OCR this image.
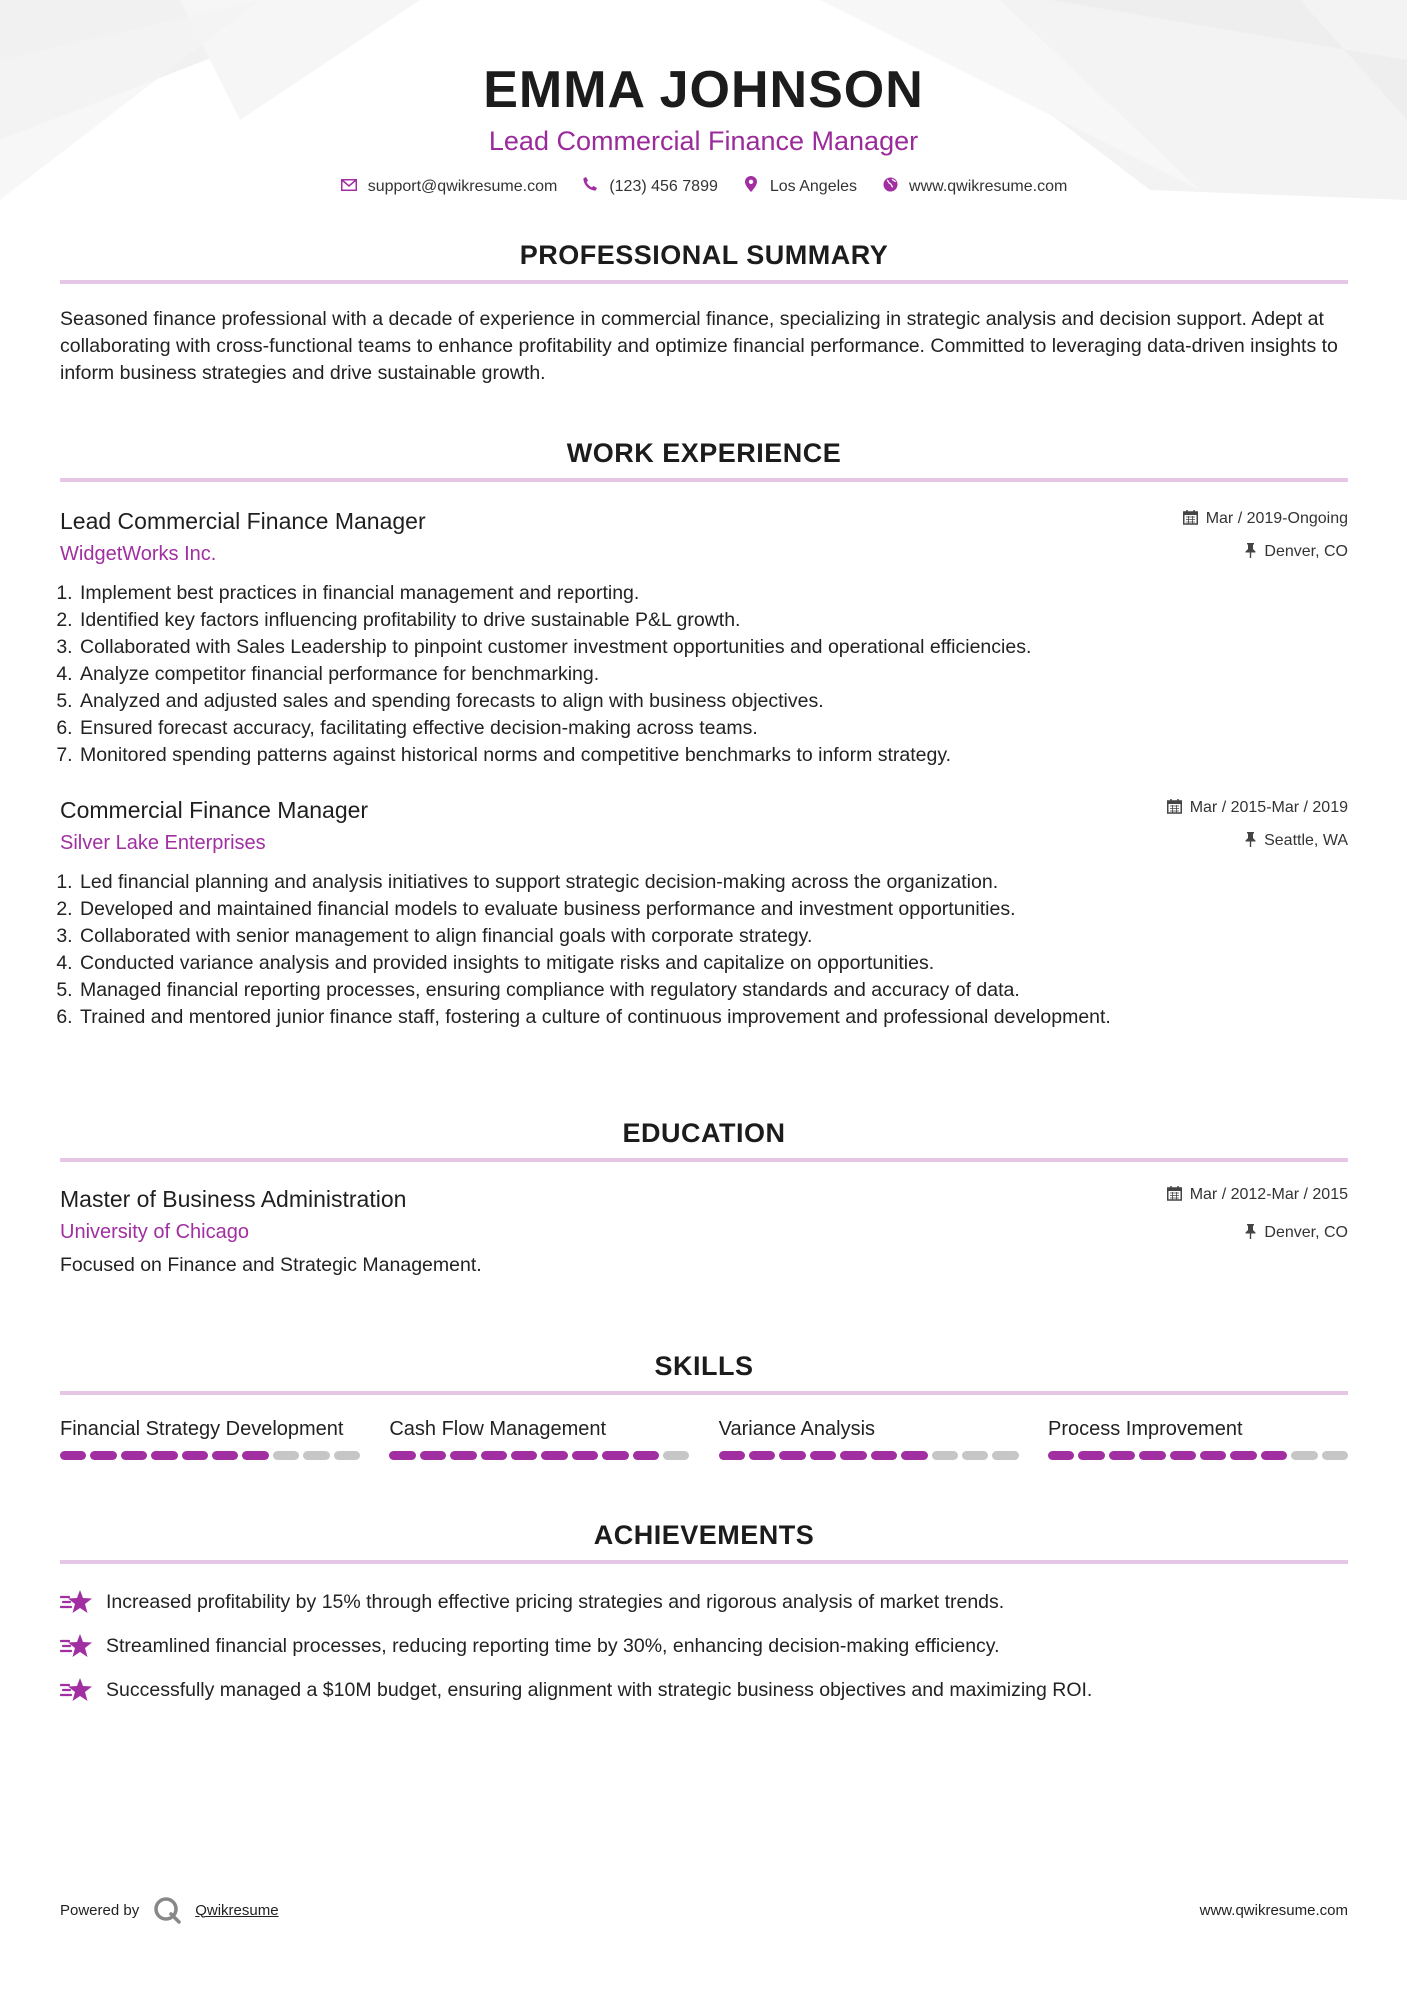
EMMA JOHNSON
Lead Commercial Finance Manager
support@qwikresume.com	(123) 456 7899	Los Angeles	www.qwikresume.com
PROFESSIONAL SUMMARY
Seasoned finance professional with a decade of experience in commercial finance, specializing in strategic analysis and decision support. Adept at collaborating with cross-functional teams to enhance profitability and optimize financial performance. Committed to leveraging data-driven insights to inform business strategies and drive sustainable growth.
WORK EXPERIENCE
Mar / 2019-Ongoing
Denver, CO
Lead Commercial Finance Manager
WidgetWorks Inc.
1. Implement best practices in financial management and reporting.
2. Identified key factors influencing profitability to drive sustainable P&L growth.
3. Collaborated with Sales Leadership to pinpoint customer investment opportunities and operational efficiencies.
4. Analyze competitor financial performance for benchmarking.
5. Analyzed and adjusted sales and spending forecasts to align with business objectives.
6. Ensured forecast accuracy, facilitating effective decision-making across teams.
7. Monitored spending patterns against historical norms and competitive benchmarks to inform strategy.
Mar / 2015-Mar / 2019
Seattle, WA
Commercial Finance Manager
Silver Lake Enterprises
1. Led financial planning and analysis initiatives to support strategic decision-making across the organization.
2. Developed and maintained financial models to evaluate business performance and investment opportunities.
3. Collaborated with senior management to align financial goals with corporate strategy.
4. Conducted variance analysis and provided insights to mitigate risks and capitalize on opportunities.
5. Managed financial reporting processes, ensuring compliance with regulatory standards and accuracy of data.
6. Trained and mentored junior finance staff, fostering a culture of continuous improvement and professional development.
EDUCATION
Mar / 2012-Mar / 2015
Denver, CO
Master of Business Administration
University of Chicago
Focused on Finance and Strategic Management.
SKILLS
Financial Strategy Development	Cash Flow Management	Variance Analysis	Process Improvement
ACHIEVEMENTS
Increased profitability by 15% through effective pricing strategies and rigorous analysis of market trends.
Streamlined financial processes, reducing reporting time by 30%, enhancing decision-making efficiency.
Successfully managed a $10M budget, ensuring alignment with strategic business objectives and maximizing ROI.
Powered by	Qwikresume	www.qwikresume.com
